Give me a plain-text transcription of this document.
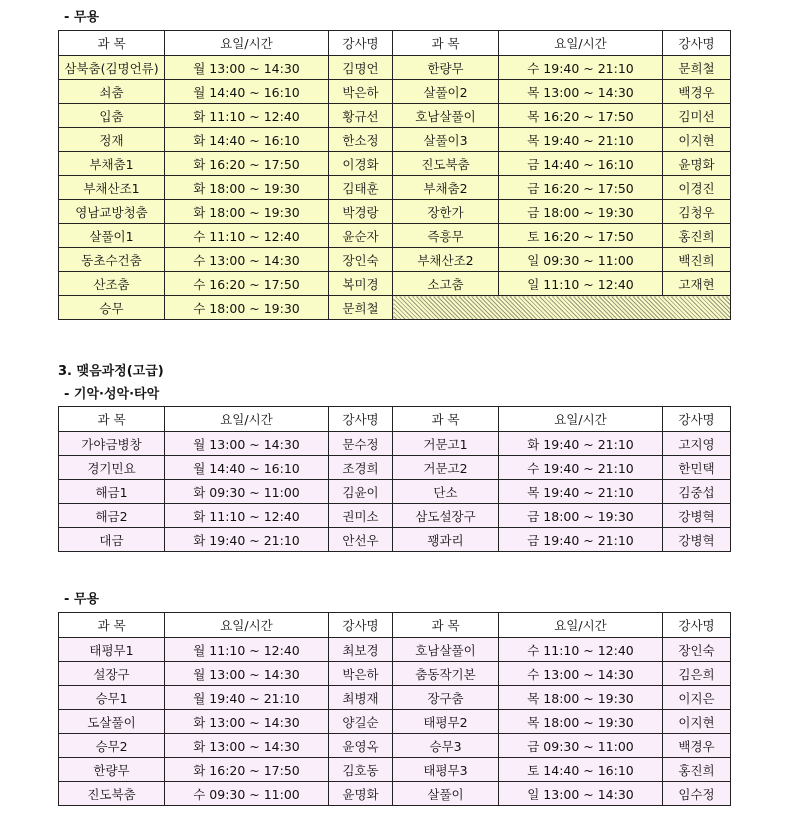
- 무용
과 목	요일/시간	강사명	과 목	요일/시간	강사명
삼북춤(김명언류)	월 13:00 ~ 14:30	김명언	한량무	수 19:40 ~ 21:10	문희철
쇠춤	월 14:40 ~ 16:10	박은하	살풀이2	목 13:00 ~ 14:30	백경우
입춤	화 11:10 ~ 12:40	황규선	호남살풀이	목 16:20 ~ 17:50	김미선
정재	화 14:40 ~ 16:10	한소정	살풀이3	목 19:40 ~ 21:10	이지현
부채춤1	화 16:20 ~ 17:50	이경화	진도북춤	금 14:40 ~ 16:10	윤명화
부채산조1	화 18:00 ~ 19:30	김태훈	부채춤2	금 16:20 ~ 17:50	이경진
영남교방청춤	화 18:00 ~ 19:30	박경랑	장한가	금 18:00 ~ 19:30	김청우
살풀이1	수 11:10 ~ 12:40	윤순자	즉흥무	토 16:20 ~ 17:50	홍진희
동초수건춤	수 13:00 ~ 14:30	장인숙	부채산조2	일 09:30 ~ 11:00	백진희
산조춤	수 16:20 ~ 17:50	복미경	소고춤	일 11:10 ~ 12:40	고재현
승무	수 18:00 ~ 19:30	문희철			
3. 맺음과정(고급)
- 기악·성악·타악
과 목	요일/시간	강사명	과 목	요일/시간	강사명
가야금병창	월 13:00 ~ 14:30	문수정	거문고1	화 19:40 ~ 21:10	고지영
경기민요	월 14:40 ~ 16:10	조경희	거문고2	수 19:40 ~ 21:10	한민택
해금1	화 09:30 ~ 11:00	김윤이	단소	목 19:40 ~ 21:10	김중섭
해금2	화 11:10 ~ 12:40	권미소	삼도설장구	금 18:00 ~ 19:30	강병혁
대금	화 19:40 ~ 21:10	안선우	꽹과리	금 19:40 ~ 21:10	강병혁
- 무용
과 목	요일/시간	강사명	과 목	요일/시간	강사명
태평무1	월 11:10 ~ 12:40	최보경	호남살풀이	수 11:10 ~ 12:40	장인숙
설장구	월 13:00 ~ 14:30	박은하	춤동작기본	수 13:00 ~ 14:30	김은희
승무1	월 19:40 ~ 21:10	최병재	장구춤	목 18:00 ~ 19:30	이지은
도살풀이	화 13:00 ~ 14:30	양길순	태평무2	목 18:00 ~ 19:30	이지현
승무2	화 13:00 ~ 14:30	윤영옥	승무3	금 09:30 ~ 11:00	백경우
한량무	화 16:20 ~ 17:50	김호동	태평무3	토 14:40 ~ 16:10	홍진희
진도북춤	수 09:30 ~ 11:00	윤명화	살풀이	일 13:00 ~ 14:30	임수정
